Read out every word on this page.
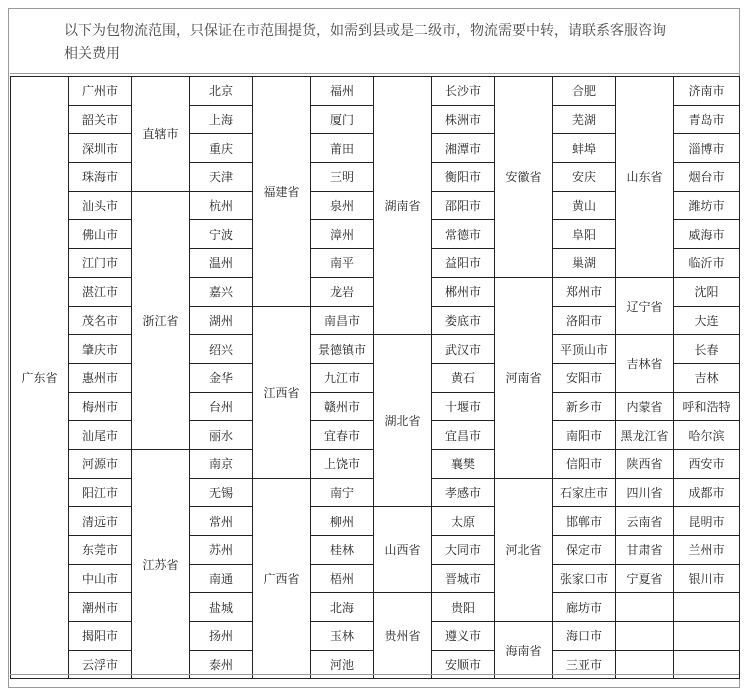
以下为包物流范围，只保证在市范围提货，如需到县或是二级市，物流需要中转，请联系客服咨询
相关费用
广东省	广州市	直辖市	北京	福建省	福州	湖南省	长沙市	安徽省	合肥	山东省	济南市
	韶关市		上海		厦门		株洲市		芜湖		青岛市
	深圳市		重庆		莆田		湘潭市		蚌埠		淄博市
	珠海市		天津		三明		衡阳市		安庆		烟台市
	汕头市	浙江省	杭州		泉州		邵阳市		黄山		潍坊市
	佛山市		宁波		漳州		常德市		阜阳		威海市
	江门市		温州		南平		益阳市		巢湖		临沂市
	湛江市		嘉兴		龙岩		郴州市	河南省	郑州市	辽宁省	沈阳
	茂名市		湖州	江西省	南昌市		娄底市		洛阳市		大连
	肇庆市		绍兴		景德镇市	湖北省	武汉市		平顶山市	吉林省	长春
	惠州市		金华		九江市		黄石		安阳市		吉林
	梅州市		台州		赣州市		十堰市		新乡市	内蒙省	呼和浩特
	汕尾市		丽水		宜春市		宜昌市		南阳市	黑龙江省	哈尔滨
	河源市	江苏省	南京		上饶市		襄樊		信阳市	陕西省	西安市
	阳江市		无锡	广西省	南宁		孝感市	河北省	石家庄市	四川省	成都市
	清远市		常州		柳州	山西省	太原		邯郸市	云南省	昆明市
	东莞市		苏州		桂林		大同市		保定市	甘肃省	兰州市
	中山市		南通		梧州		晋城市		张家口市	宁夏省	银川市
	潮州市		盐城		北海	贵州省	贵阳		廊坊市		
	揭阳市		扬州		玉林		遵义市	海南省	海口市		
	云浮市		泰州		河池		安顺市		三亚市		
